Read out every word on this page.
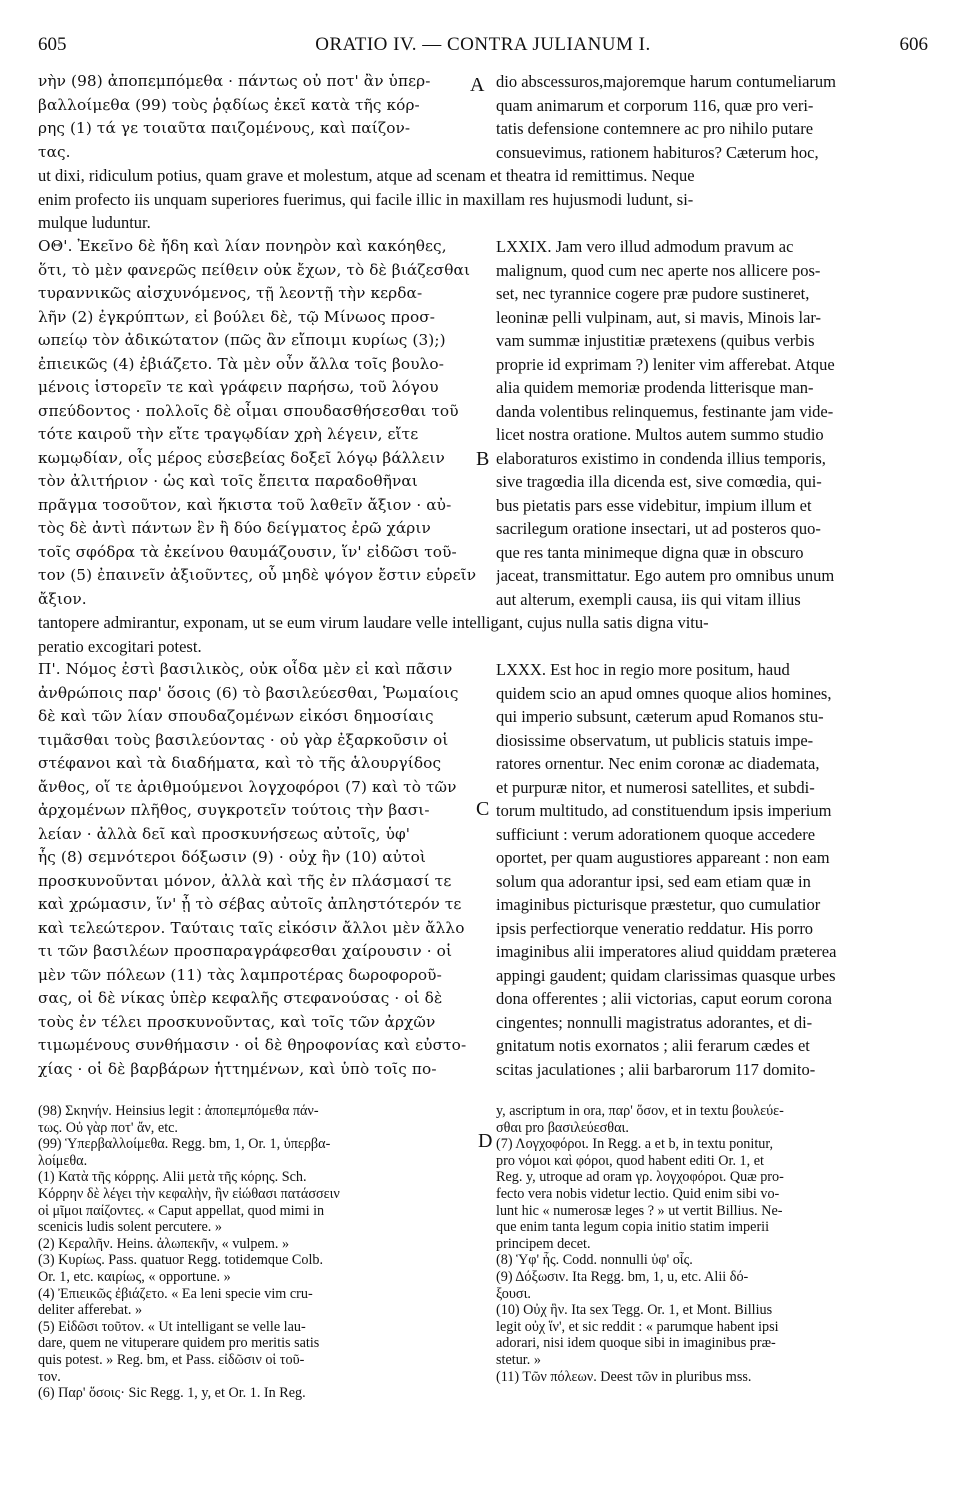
605	ORATIO IV. — CONTRA JULIANUM I.	606
A
B
C
D
νὴν (98) ἀποπεμπόμεθα · πάντως οὐ ποτ' ἂν ὑπερ-
βαλλοίμεθα (99) τοὺς ῥᾳδίως ἐκεῖ κατὰ τῆς κόρ-
ρης (1) τά γε τοιαῦτα παιζομένους, καὶ παίζον-
τας.
dio abscessuros,majoremque harum contumeliarum
quam animarum et corporum 116, quæ pro veri-
tatis defensione contemnere ac pro nihilo putare
consuevimus, rationem habituros? Cæterum hoc,
ut dixi, ridiculum potius, quam grave et molestum, atque ad scenam et theatra id remittimus. Neque
enim profecto iis unquam superiores fuerimus, qui facile illic in maxillam res hujusmodi ludunt, si-
mulque luduntur.
ΟΘ'. Ἐκεῖνο δὲ ἤδη καὶ λίαν πονηρὸν καὶ κακόηθες,
ὅτι, τὸ μὲν φανερῶς πείθειν οὐκ ἔχων, τὸ δὲ βιάζεσθαι
τυραννικῶς αἰσχυνόμενος, τῇ λεοντῇ τὴν κερδα-
λῆν (2) ἐγκρύπτων, εἰ βούλει δὲ, τῷ Μίνωος προσ-
ωπείῳ τὸν ἀδικώτατον (πῶς ἂν εἴποιμι κυρίως (3);)
ἐπιεικῶς (4) ἐβιάζετο. Τὰ μὲν οὖν ἄλλα τοῖς βουλο-
μένοις ἱστορεῖν τε καὶ γράφειν παρήσω, τοῦ λόγου
σπεύδοντος · πολλοῖς δὲ οἶμαι σπουδασθήσεσθαι τοῦ
τότε καιροῦ τὴν εἴτε τραγῳδίαν χρὴ λέγειν, εἴτε
κωμῳδίαν, οἷς μέρος εὐσεβείας δοξεῖ λόγῳ βάλλειν
τὸν ἀλιτήριον · ὡς καὶ τοῖς ἔπειτα παραδοθῆναι
πρᾶγμα τοσοῦτον, καὶ ἥκιστα τοῦ λαθεῖν ἄξιον · αὐ-
τὸς δὲ ἀντὶ πάντων ἓν ἢ δύο δείγματος ἐρῶ χάριν
τοῖς σφόδρα τὰ ἐκείνου θαυμάζουσιν, ἵν' εἰδῶσι τοῦ-
τον (5) ἐπαινεῖν ἀξιοῦντες, οὗ μηδὲ ψόγον ἔστιν εὑρεῖν
ἄξιον.
LXXIX. Jam vero illud admodum pravum ac
malignum, quod cum nec aperte nos allicere pos-
set, nec tyrannice cogere præ pudore sustineret,
leoninæ pelli vulpinam, aut, si mavis, Minois lar-
vam summæ injustitiæ prætexens (quibus verbis
proprie id exprimam ?) leniter vim afferebat. Atque
alia quidem memoriæ prodenda litterisque man-
danda volentibus relinquemus, festinante jam vide-
licet nostra oratione. Multos autem summo studio
elaboraturos existimo in condenda illius temporis,
sive tragœdia illa dicenda est, sive comœdia, qui-
bus pietatis pars esse videbitur, impium illum et
sacrilegum oratione insectari, ut ad posteros quo-
que res tanta minimeque digna quæ in obscuro
jaceat, transmittatur. Ego autem pro omnibus unum
aut alterum, exempli causa, iis qui vitam illius
tantopere admirantur, exponam, ut se eum virum laudare velle intelligant, cujus nulla satis digna vitu-
peratio excogitari potest.
Π'. Νόμος ἐστὶ βασιλικὸς, οὐκ οἶδα μὲν εἰ καὶ πᾶσιν
ἀνθρώποις παρ' ὅσοις (6) τὸ βασιλεύεσθαι, Ῥωμαίοις
δὲ καὶ τῶν λίαν σπουδαζομένων εἰκόσι δημοσίαις
τιμᾶσθαι τοὺς βασιλεύοντας · οὐ γὰρ ἐξαρκοῦσιν οἱ
στέφανοι καὶ τὰ διαδήματα, καὶ τὸ τῆς ἁλουργίδος
ἄνθος, οἵ τε ἀριθμούμενοι λογχοφόροι (7) καὶ τὸ τῶν
ἀρχομένων πλῆθος, συγκροτεῖν τούτοις τὴν βασι-
λείαν · ἀλλὰ δεῖ καὶ προσκυνήσεως αὐτοῖς, ὑφ'
ἧς (8) σεμνότεροι δόξωσιν (9) · οὐχ ἣν (10) αὐτοὶ
προσκυνοῦνται μόνον, ἀλλὰ καὶ τῆς ἐν πλάσμασί τε
καὶ χρώμασιν, ἵν' ᾖ τὸ σέβας αὐτοῖς ἀπληστότερόν τε
καὶ τελεώτερον. Ταύταις ταῖς εἰκόσιν ἄλλοι μὲν ἄλλο
τι τῶν βασιλέων προσπαραγράφεσθαι χαίρουσιν · οἱ
μὲν τῶν πόλεων (11) τὰς λαμπροτέρας δωροφοροῦ-
σας, οἱ δὲ νίκας ὑπὲρ κεφαλῆς στεφανούσας · οἱ δὲ
τοὺς ἐν τέλει προσκυνοῦντας, καὶ τοῖς τῶν ἀρχῶν
τιμωμένους συνθήμασιν · οἱ δὲ θηροφονίας καὶ εὐστο-
χίας · οἱ δὲ βαρβάρων ἡττημένων, καὶ ὑπὸ τοῖς πο-
LXXX. Est hoc in regio more positum, haud
quidem scio an apud omnes quoque alios homines,
qui imperio subsunt, cæterum apud Romanos stu-
diosissime observatum, ut publicis statuis impe-
ratores ornentur. Nec enim coronæ ac diademata,
et purpuræ nitor, et numerosi satellites, et subdi-
torum multitudo, ad constituendum ipsis imperium
sufficiunt : verum adorationem quoque accedere
oportet, per quam augustiores appareant : non eam
solum qua adorantur ipsi, sed eam etiam quæ in
imaginibus picturisque præstetur, quo cumulatior
ipsis perfectiorque veneratio reddatur. His porro
imaginibus alii imperatores aliud quiddam præterea
appingi gaudent; quidam clarissimas quasque urbes
dona offerentes ; alii victorias, caput eorum corona
cingentes; nonnulli magistratus adorantes, et di-
gnitatum notis exornatos ; alii ferarum cædes et
scitas jaculationes ; alii barbarorum 117 domito-
(98) Σκηνήν. Heinsius legit : ἀποπεμπόμεθα πάν-
τως. Οὐ γὰρ ποτ' ἄν, etc.
(99) Ὑπερβαλλοίμεθα. Regg. bm, 1, Or. 1, ὑπερβα-
λοίμεθα.
(1) Κατὰ τῆς κόρρης. Alii μετὰ τῆς κόρης. Sch.
Κόρρην δὲ λέγει τὴν κεφαλὴν, ἣν εἰώθασι πατάσσειν
οἱ μῖμοι παίζοντες. « Caput appellat, quod mimi in
scenicis ludis solent percutere. »
(2) Κεραλῆν. Heins. ἀλωπεκῆν, « vulpem. »
(3) Κυρίως. Pass. quatuor Regg. totidemque Colb.
Or. 1, etc. καιρίως, « opportune. »
(4) Ἐπιεικῶς ἐβιάζετο. « Ea leni specie vim cru-
deliter afferebat. »
(5) Εἰδῶσι τοῦτον. « Ut intelligant se velle lau-
dare, quem ne vituperare quidem pro meritis satis
quis potest. » Reg. bm, et Pass. εἰδῶσιν οἱ τοῦ-
τον.
(6) Παρ' ὅσοις· Sic Regg. 1, y, et Or. 1. In Reg.
y, ascriptum in ora, παρ' ὅσον, et in textu βουλεύε-
σθαι pro βασιλεύεσθαι.
(7) Λογχοφόροι. In Regg. a et b, in textu ponitur,
pro νόμοι καὶ φόροι, quod habent editi Or. 1, et
Reg. y, utroque ad oram γρ. λογχοφόροι. Quæ pro-
fecto vera nobis videtur lectio. Quid enim sibi vo-
lunt hic « numerosæ leges ? » ut vertit Billius. Ne-
que enim tanta legum copia initio statim imperii
principem decet.
(8) Ὑφ' ἧς. Codd. nonnulli ὑφ' οἷς.
(9) Δόξωσιν. Ita Regg. bm, 1, u, etc. Alii δό-
ξουσι.
(10) Οὐχ ἣν. Ita sex Tegg. Or. 1, et Mont. Billius
legit οὐχ ἵν', et sic reddit : « parumque habent ipsi
adorari, nisi idem quoque sibi in imaginibus præ-
stetur. »
(11) Τῶν πόλεων. Deest τῶν in pluribus mss.
